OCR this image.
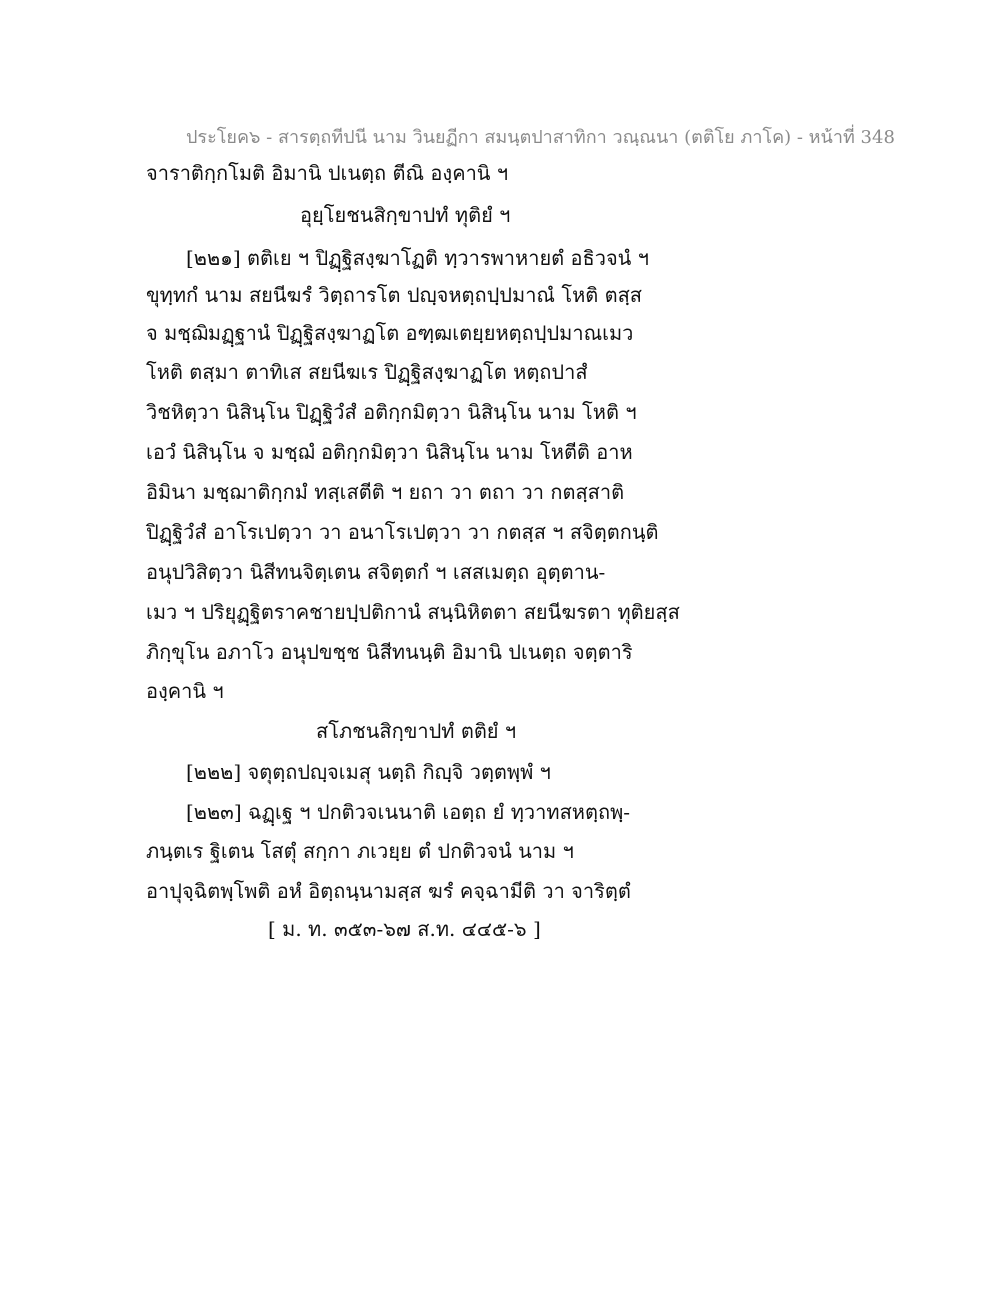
ประโยค๖ - สารตฺถทีปนี นาม วินยฏีกา สมนฺตปาสาทิกา วณฺณนา (ตติโย ภาโค) - หน้าที่ 348
จาราติกฺกโมติ อิมานิ ปเนตฺถ ตีณิ องฺคานิ ฯ
อุยฺโยชนสิกฺขาปทํ ทุติยํ ฯ
[๒๒๑] ตติเย ฯ ปิฏฺฐิสงฺฆาโฏติ ทฺวารพาหายตํ อธิวจนํ ฯ
ขุทฺทกํ นาม สยนีฆรํ วิตฺถารโต ปญฺจหตฺถปฺปมาณํ โหติ ตสฺส
จ มชฺฌิมฏฺฐานํ ปิฏฺฐิสงฺฆาฏโต อฑฺฒเตยฺยหตฺถปฺปมาณเมว
โหติ ตสฺมา ตาทิเส สยนีฆเร ปิฏฺฐิสงฺฆาฏโต หตฺถปาสํ
วิชหิตฺวา นิสินฺโน ปิฏฺฐิวํสํ อติกฺกมิตฺวา นิสินฺโน นาม โหติ ฯ
เอวํ นิสินฺโน จ มชฺฌํ อติกฺกมิตฺวา นิสินฺโน นาม โหตีติ อาห
อิมินา มชฺฌาติกฺกมํ ทสฺเสตีติ ฯ ยถา วา ตถา วา กตสฺสาติ
ปิฏฺฐิวํสํ อาโรเปตฺวา วา อนาโรเปตฺวา วา กตสฺส ฯ สจิตฺตกนฺติ
อนุปวิสิตฺวา นิสีทนจิตฺเตน สจิตฺตกํ ฯ เสสเมตฺถ อุตฺตาน-
เมว ฯ ปริยุฏฺฐิตราคชายปฺปติกานํ สนฺนิหิตตา สยนีฆรตา ทุติยสฺส
ภิกฺขุโน อภาโว อนุปขชฺช นิสีทนนฺติ อิมานิ ปเนตฺถ จตฺตาริ
องฺคานิ ฯ
สโภชนสิกฺขาปทํ ตติยํ ฯ
[๒๒๒] จตุตฺถปญฺจเมสุ นตฺถิ กิญฺจิ วตฺตพฺพํ ฯ
[๒๒๓] ฉฏฺเฐ ฯ ปกติวจเนนาติ เอตฺถ ยํ ทฺวาทสหตฺถพฺ-
ภนฺตเร ฐิเตน โสตุํ สกฺกา ภเวยฺย ตํ ปกติวจนํ นาม ฯ
อาปุจฺฉิตพฺโพติ อหํ อิตฺถนฺนามสฺส ฆรํ คจฺฉามีติ วา จาริตฺตํ
[ ม. ท. ๓๕๓-๖๗ ส.ท. ๔๔๕-๖ ]
